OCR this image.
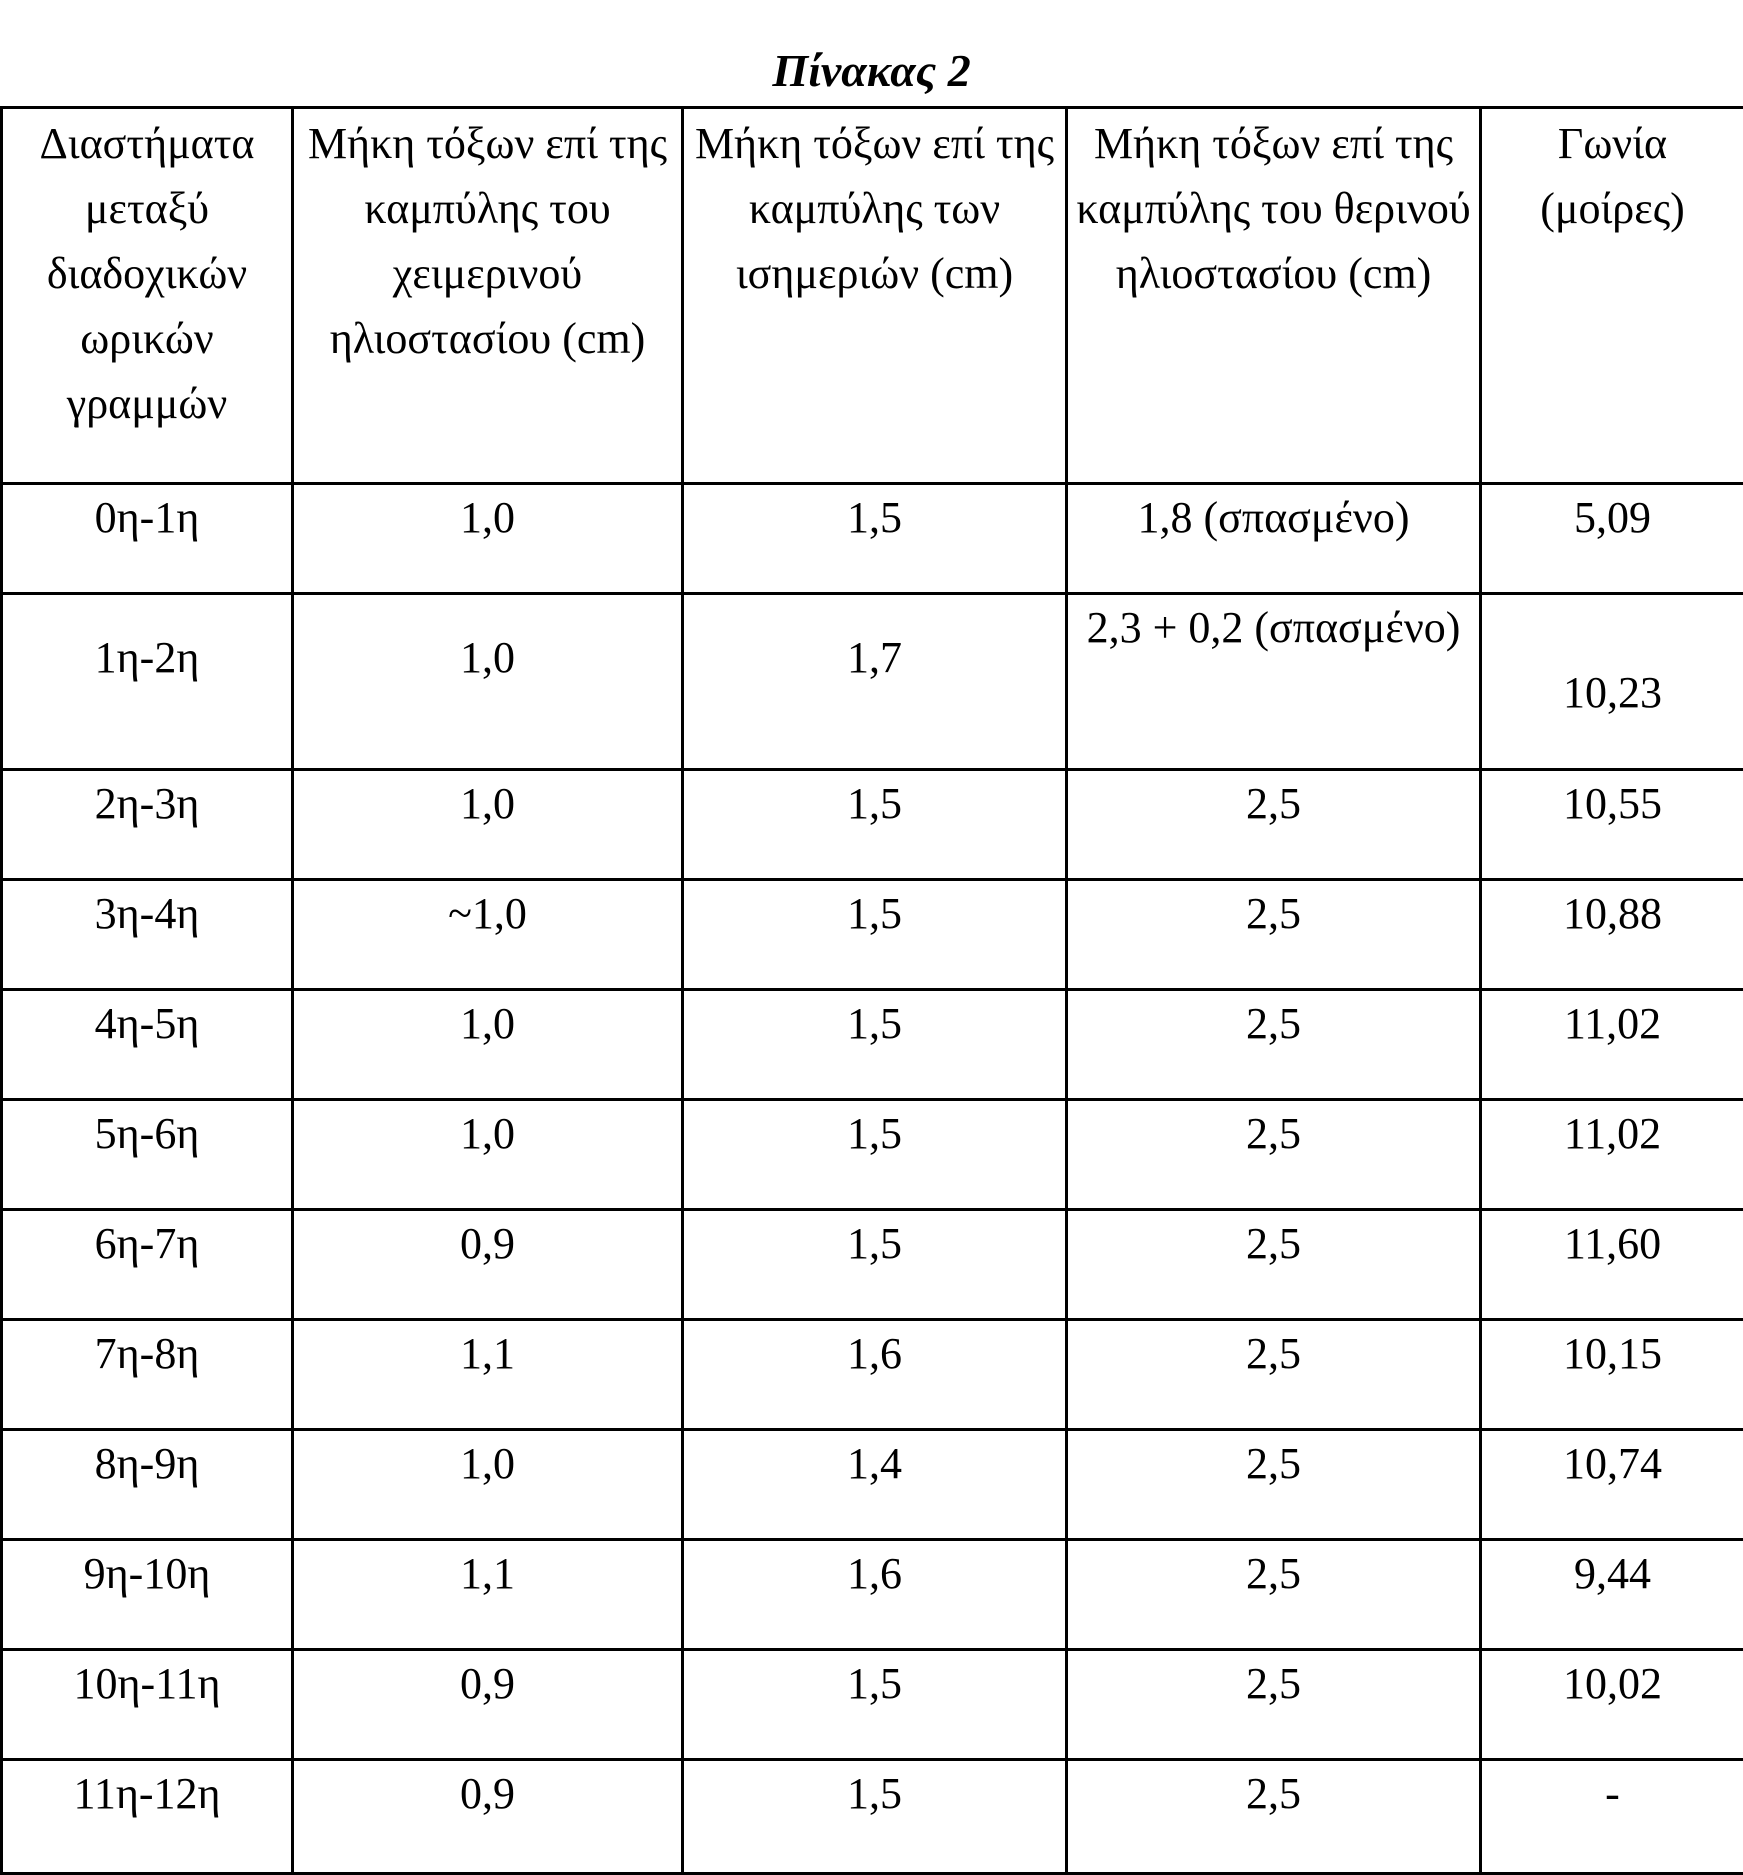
Πίνακας 2
Διαστήματα μεταξύ διαδοχικών ωρικών γραμμών	Μήκη τόξων επί της καμπύλης του χειμερινού ηλιοστασίου (cm)	Μήκη τόξων επί της καμπύλης των ισημεριών (cm)	Μήκη τόξων επί της καμπύλης του θερινού ηλιοστασίου (cm)	Γωνία (μοίρες)
0η-1η	1,0	1,5	1,8 (σπασμένο)	5,09
1η-2η	1,0	1,7	2,3 + 0,2 (σπασμένο)	10,23
2η-3η	1,0	1,5	2,5	10,55
3η-4η	~1,0	1,5	2,5	10,88
4η-5η	1,0	1,5	2,5	11,02
5η-6η	1,0	1,5	2,5	11,02
6η-7η	0,9	1,5	2,5	11,60
7η-8η	1,1	1,6	2,5	10,15
8η-9η	1,0	1,4	2,5	10,74
9η-10η	1,1	1,6	2,5	9,44
10η-11η	0,9	1,5	2,5	10,02
11η-12η	0,9	1,5	2,5	-
